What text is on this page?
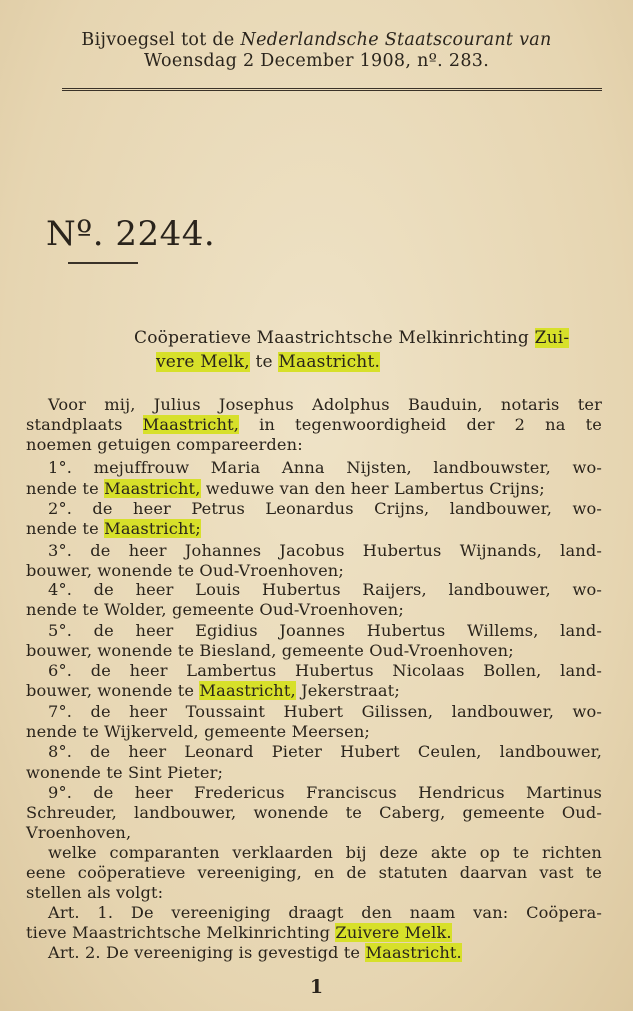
Bijvoegsel tot de Nederlandsche Staatscourant van
Woensdag 2 December 1908, nº. 283.
Nº. 2244.
Coöperatieve Maastrichtsche Melkinrichting Zui-
vere Melk, te Maastricht.
Voor mij, Julius Josephus Adolphus Bauduin, notaris ter
standplaats Maastricht, in tegenwoordigheid der 2 na te
noemen getuigen compareerden:
1°. mejuffrouw Maria Anna Nijsten, landbouwster, wo-
nende te Maastricht, weduwe van den heer Lambertus Crijns;
2°. de heer Petrus Leonardus Crijns, landbouwer, wo-
nende te Maastricht;
3°. de heer Johannes Jacobus Hubertus Wijnands, land-
bouwer, wonende te Oud-Vroenhoven;
4°. de heer Louis Hubertus Raijers, landbouwer, wo-
nende te Wolder, gemeente Oud-Vroenhoven;
5°. de heer Egidius Joannes Hubertus Willems, land-
bouwer, wonende te Biesland, gemeente Oud-Vroenhoven;
6°. de heer Lambertus Hubertus Nicolaas Bollen, land-
bouwer, wonende te Maastricht, Jekerstraat;
7°. de heer Toussaint Hubert Gilissen, landbouwer, wo-
nende te Wijkerveld, gemeente Meersen;
8°. de heer Leonard Pieter Hubert Ceulen, landbouwer,
wonende te Sint Pieter;
9°. de heer Fredericus Franciscus Hendricus Martinus
Schreuder, landbouwer, wonende te Caberg, gemeente Oud-
Vroenhoven,
welke comparanten verklaarden bij deze akte op te richten
eene coöperatieve vereeniging, en de statuten daarvan vast te
stellen als volgt:
Art. 1. De vereeniging draagt den naam van: Coöpera-
tieve Maastrichtsche Melkinrichting Zuivere Melk.
Art. 2. De vereeniging is gevestigd te Maastricht.
1
